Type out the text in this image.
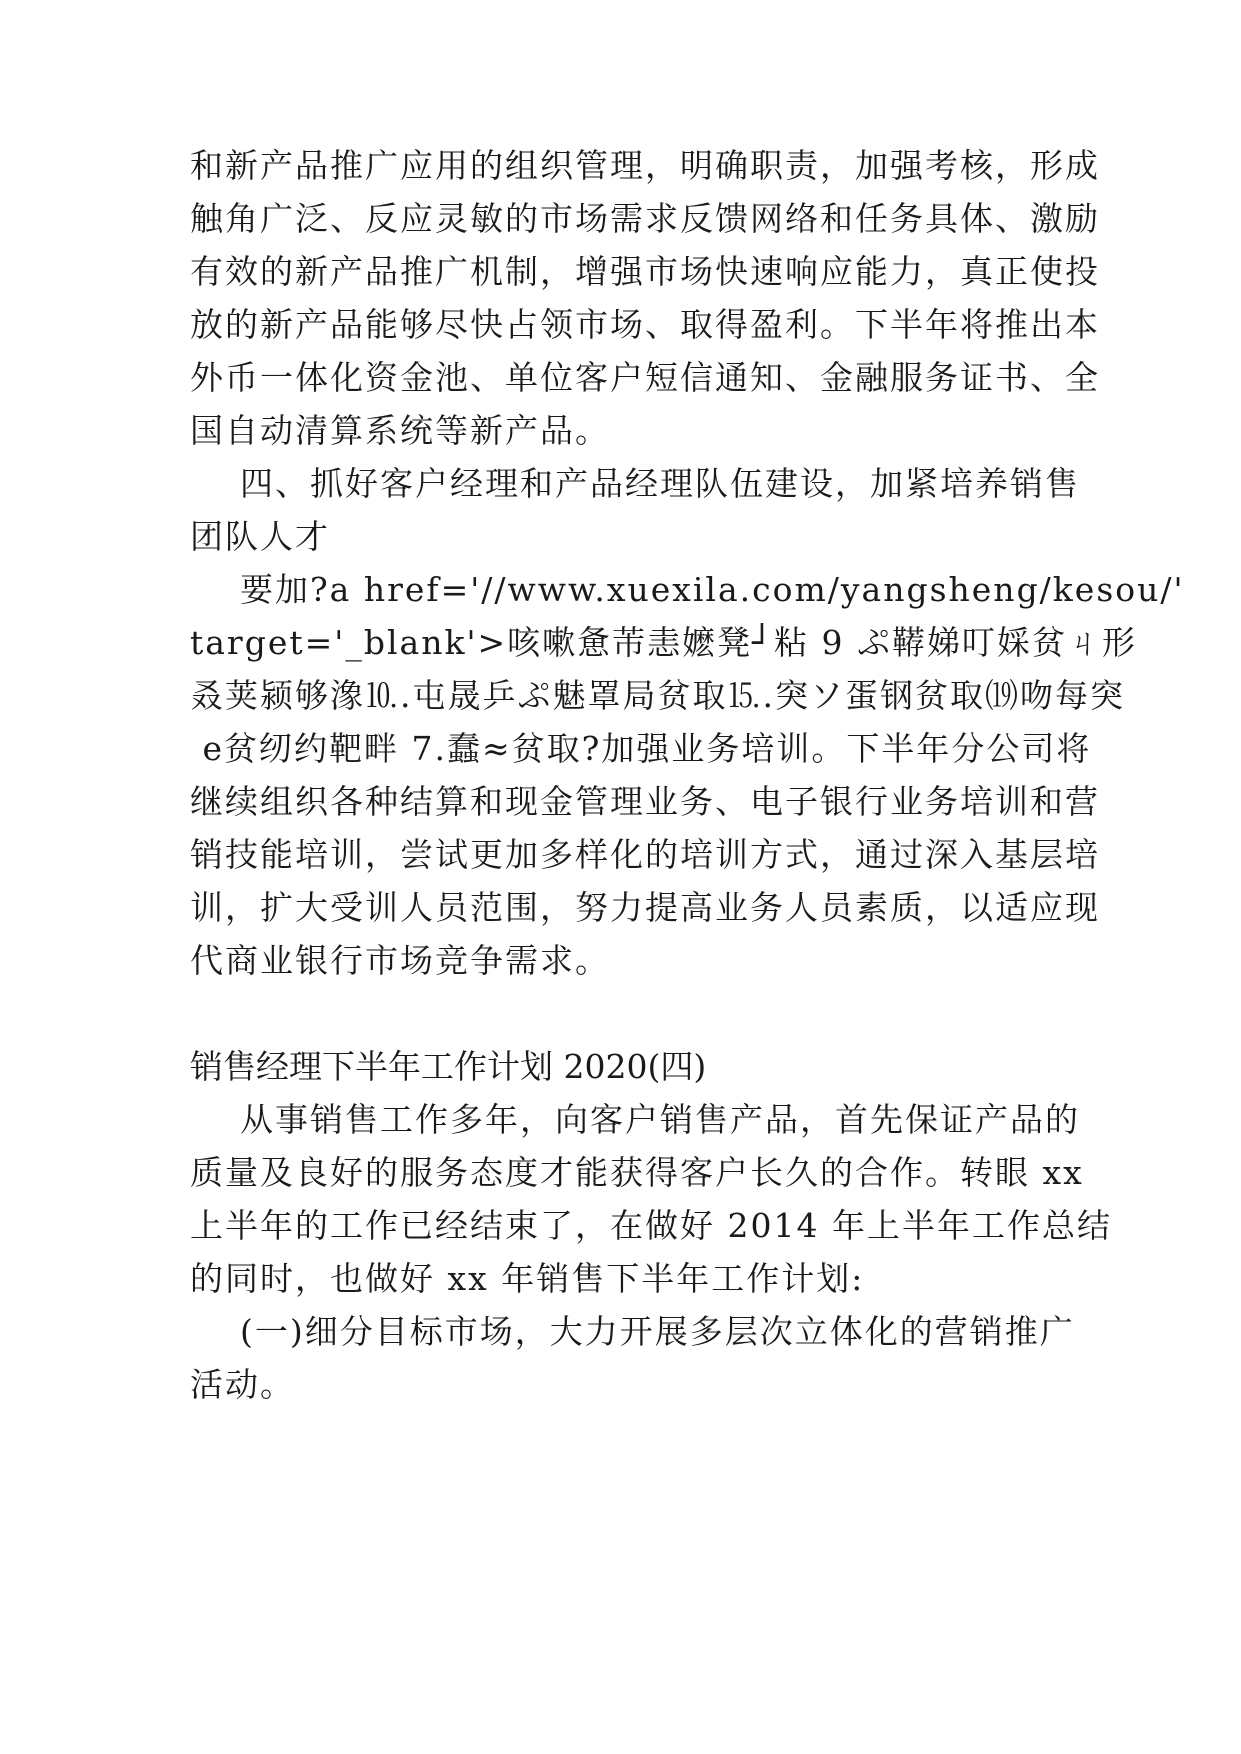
和新产品推广应用的组织管理，明确职责，加强考核，形成
触角广泛、反应灵敏的市场需求反馈网络和任务具体、激励
有效的新产品推广机制，增强市场快速响应能力，真正使投
放的新产品能够尽快占领市场、取得盈利。下半年将推出本
外币一体化资金池、单位客户短信通知、金融服务证书、全
国自动清算系统等新产品。
四、抓好客户经理和产品经理队伍建设，加紧培养销售
团队人才
要加?a href='//www.xuexila.com/yangsheng/kesou/'
target='_blank'>咳嗽惫芾恚嬷凳┘粘 9 ぷ鞯娣叮婇贫ㄐ形
叒荚颍够潒⒑.屯晟乒ぷ魅罩局贫取⒖.突ソ蛋钢贫取⒆吻每突
e贫纫约靶畔 7.蠢≈贫取?加强业务培训。下半年分公司将
继续组织各种结算和现金管理业务、电子银行业务培训和营
销技能培训，尝试更加多样化的培训方式，通过深入基层培
训，扩大受训人员范围，努力提高业务人员素质，以适应现
代商业银行市场竞争需求。
销售经理下半年工作计划 2020(四)
从事销售工作多年，向客户销售产品，首先保证产品的
质量及良好的服务态度才能获得客户长久的合作。转眼 xx
上半年的工作已经结束了，在做好 2014 年上半年工作总结
的同时，也做好 xx 年销售下半年工作计划:
(一)细分目标市场，大力开展多层次立体化的营销推广
活动。
